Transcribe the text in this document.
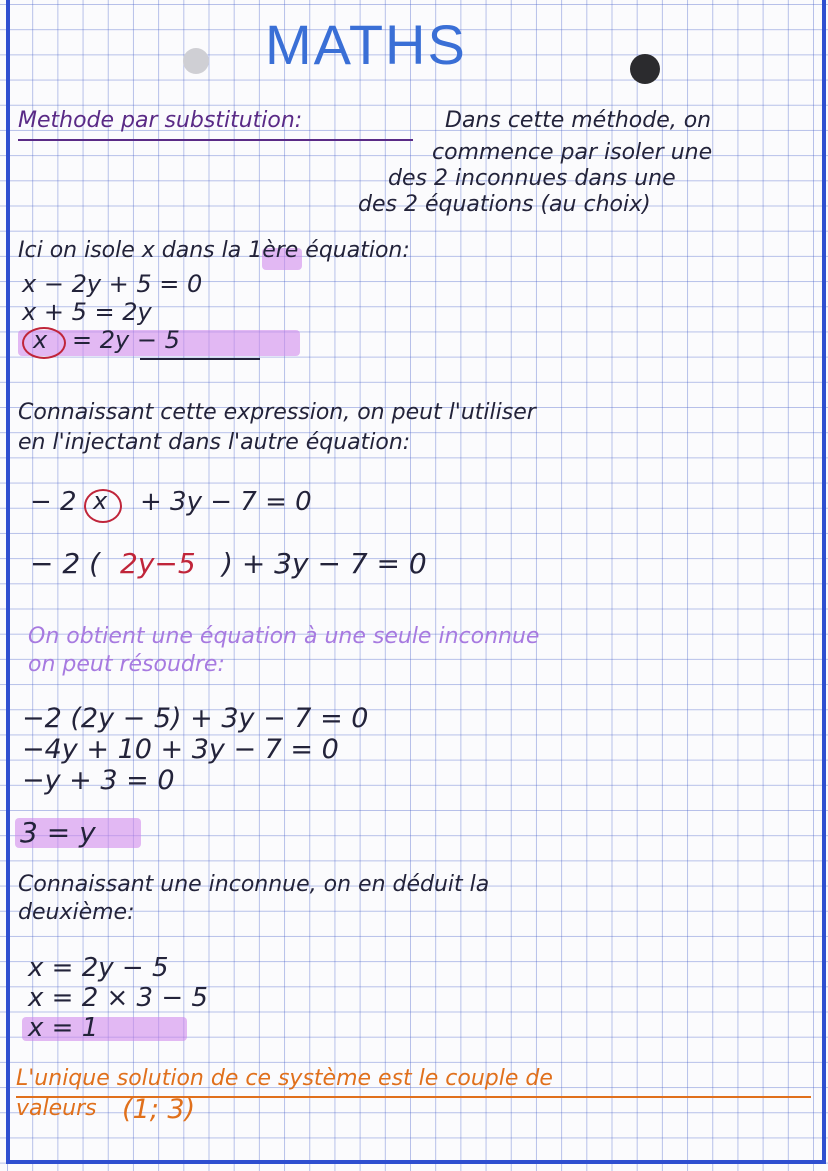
MATHS
Methode par substitution:	Dans cette méthode, on
commence par isoler une
des 2 inconnues dans une
des 2 équations (au choix)
Ici on isole x dans la 1ère équation:
x − 2y + 5 = 0
x + 5 = 2y
x = 2y − 5
Connaissant cette expression, on peut l'utiliser
en l'injectant dans l'autre équation:
− 2 x + 3y − 7 = 0
− 2 ( 2y−5 ) + 3y − 7 = 0
On obtient une équation à une seule inconnue
on peut résoudre:
−2 (2y − 5) + 3y − 7 = 0
−4y + 10 + 3y − 7 = 0
−y + 3 = 0
3 = y
Connaissant une inconnue, on en déduit la
deuxième:
x = 2y − 5
x = 2 × 3 − 5
x = 1
L'unique solution de ce système est le couple de
valeurs (1; 3)
